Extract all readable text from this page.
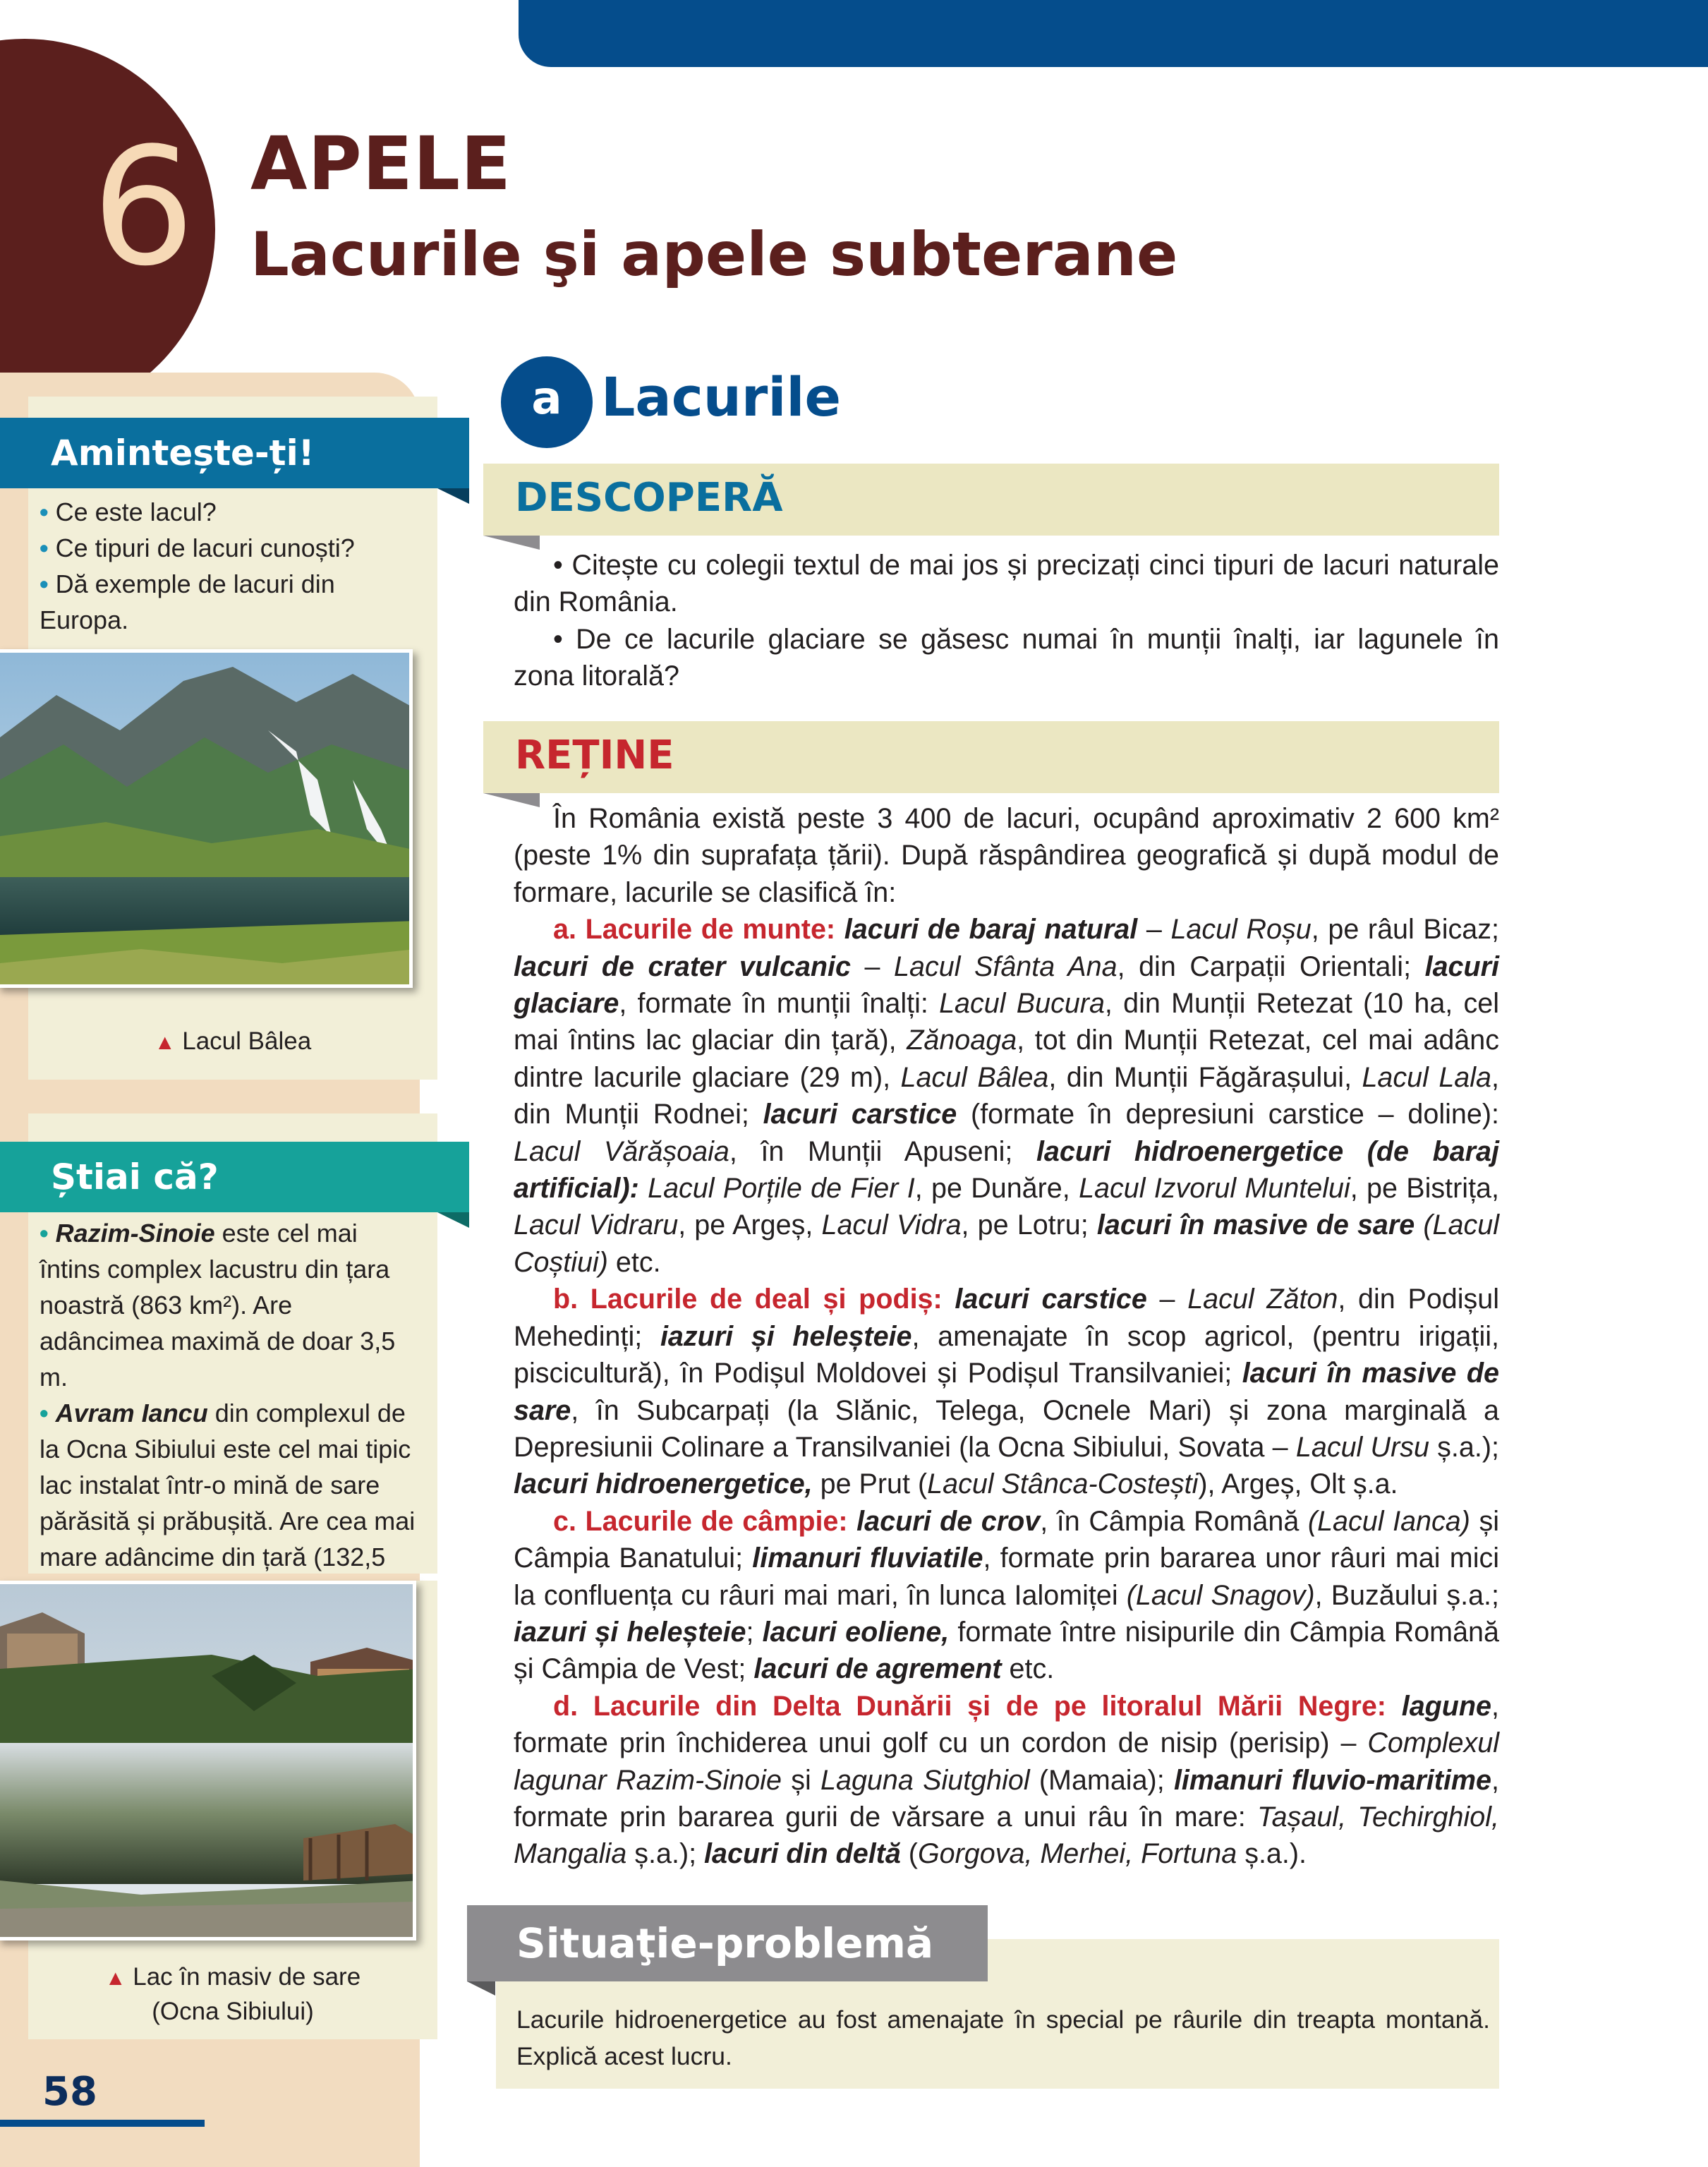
6 APELE
Lacurile şi apele subterane
Amintește-ți!
• Ce este lacul?
• Ce tipuri de lacuri cunoști?
• Dă exemple de lacuri din Europa.
▲ Lacul Bâlea
Știai că?
• Razim-Sinoie este cel mai întins complex lacustru din țara noastră (863 km²). Are adâncimea maximă de doar 3,5 m.
• Avram Iancu din complexul de la Ocna Sibiului este cel mai tipic lac instalat într-o mină de sare părăsită și prăbușită. Are cea mai mare adâncime din țară (132,5
▲ Lac în masiv de sare
(Ocna Sibiului)
58
a Lacurile
DESCOPERĂ

• Citește cu colegii textul de mai jos și precizați cinci tipuri de lacuri naturale din România.

• De ce lacurile glaciare se găsesc numai în munții înalți, iar lagunele în zona litorală?

REȚINE

În România există peste 3 400 de lacuri, ocupând aproximativ 2 600 km² (peste 1% din suprafața țării). După răspândirea geografică și după modul de formare, lacurile se clasifică în:

a. Lacurile de munte: lacuri de baraj natural – Lacul Roșu, pe râul Bicaz; lacuri de crater vulcanic – Lacul Sfânta Ana, din Carpații Orientali; lacuri glaciare, formate în munții înalți: Lacul Bucura, din Munții Retezat (10 ha, cel mai întins lac glaciar din țară), Zănoaga, tot din Munții Retezat, cel mai adânc dintre lacurile glaciare (29 m), Lacul Bâlea, din Munții Făgărașului, Lacul Lala, din Munții Rodnei; lacuri carstice (formate în depresiuni carstice – doline): Lacul Vărășoaia, în Munții Apuseni; lacuri hidroenergetice (de baraj artificial): Lacul Porțile de Fier I, pe Dunăre, Lacul Izvorul Muntelui, pe Bistrița, Lacul Vidraru, pe Argeș, Lacul Vidra, pe Lotru; lacuri în masive de sare (Lacul Coștiui) etc.

b. Lacurile de deal și podiș: lacuri carstice – Lacul Zăton, din Podișul Mehedinți; iazuri și heleșteie, amenajate în scop agricol, (pentru irigații, piscicultură), în Podișul Moldovei și Podișul Transilvaniei; lacuri în masive de sare, în Subcarpați (la Slănic, Telega, Ocnele Mari) și zona marginală a Depresiunii Colinare a Transilvaniei (la Ocna Sibiului, Sovata – Lacul Ursu ș.a.); lacuri hidroenergetice, pe Prut (Lacul Stânca-Costești), Argeș, Olt ș.a.

c. Lacurile de câmpie: lacuri de crov, în Câmpia Română (Lacul Ianca) și Câmpia Banatului; limanuri fluviatile, formate prin bararea unor râuri mai mici la confluența cu râuri mai mari, în lunca Ialomiței (Lacul Snagov), Buzăului ș.a.; iazuri și heleșteie; lacuri eoliene, formate între nisipurile din Câmpia Română și Câmpia de Vest; lacuri de agrement etc.

d. Lacurile din Delta Dunării și de pe litoralul Mării Negre: lagune, formate prin închiderea unui golf cu un cordon de nisip (perisip) – Complexul lagunar Razim-Sinoie și Laguna Siutghiol (Mamaia); limanuri fluvio-maritime, formate prin bararea gurii de vărsare a unui râu în mare: Tașaul, Techirghiol, Mangalia ș.a.); lacuri din deltă (Gorgova, Merhei, Fortuna ș.a.).

Situaţie-problemă
Lacurile hidroenergetice au fost amenajate în special pe râurile din treapta montană. Explică acest lucru.
